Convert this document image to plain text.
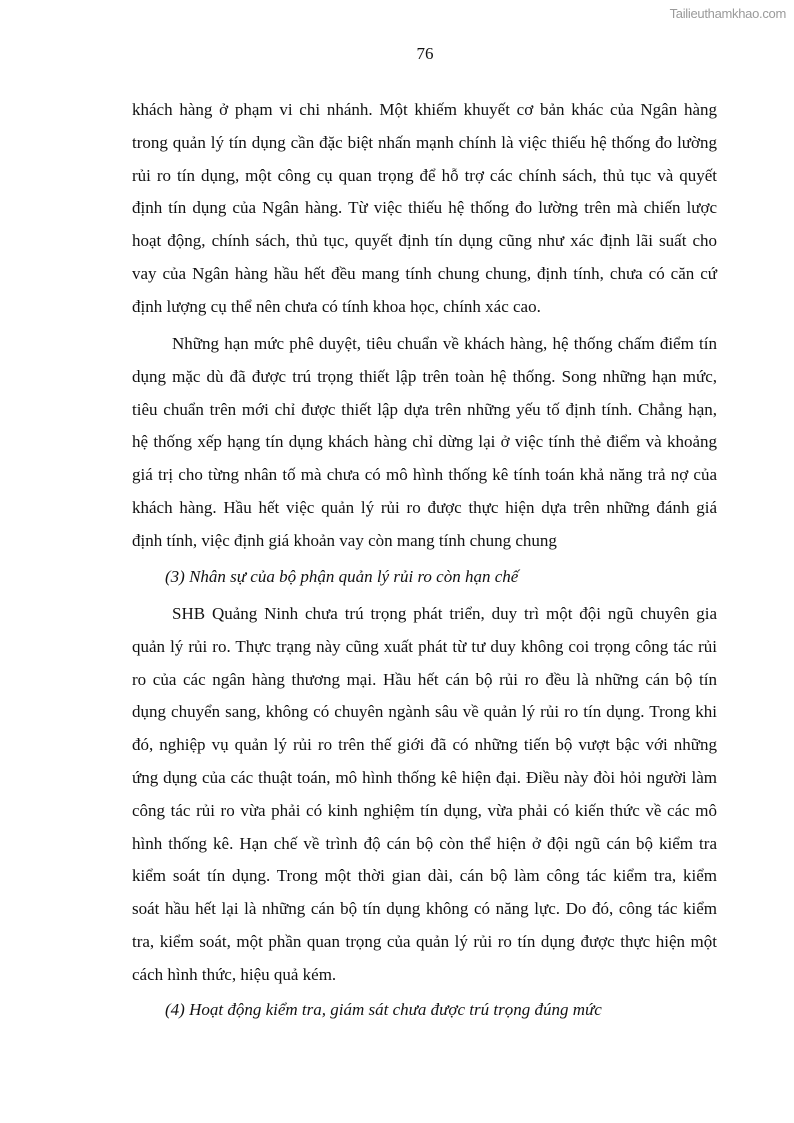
Tailieuthamkhao.com
76
khách hàng ở phạm vi chi nhánh. Một khiếm khuyết cơ bản khác của Ngân hàng
trong quản lý tín dụng cần đặc biệt nhấn mạnh chính là việc thiếu hệ thống đo lường
rủi ro tín dụng, một công cụ quan trọng để hỗ trợ các chính sách, thủ tục và quyết
định tín dụng của Ngân hàng. Từ việc thiếu hệ thống đo lường trên mà chiến lược
hoạt động, chính sách, thủ tục, quyết định tín dụng cũng như xác định lãi suất cho
vay của Ngân hàng hầu hết đều mang tính chung chung, định tính, chưa có căn cứ
định lượng cụ thể nên chưa có tính khoa học, chính xác cao.
Những hạn mức phê duyệt, tiêu chuẩn về khách hàng, hệ thống chấm điểm tín
dụng mặc dù đã được trú trọng thiết lập trên toàn hệ thống. Song những hạn mức,
tiêu chuẩn trên mới chỉ được thiết lập dựa trên những yếu tố định tính. Chẳng hạn,
hệ thống xếp hạng tín dụng khách hàng chỉ dừng lại ở việc tính thẻ điểm và khoảng
giá trị cho từng nhân tố mà chưa có mô hình thống kê tính toán khả năng trả nợ của
khách hàng. Hầu hết việc quản lý rủi ro được thực hiện dựa trên những đánh giá
định tính, việc định giá khoản vay còn mang tính chung chung
(3) Nhân sự của bộ phận quản lý rủi ro còn hạn chế
SHB Quảng Ninh chưa trú trọng phát triển, duy trì một đội ngũ chuyên gia
quản lý rủi ro. Thực trạng này cũng xuất phát từ tư duy không coi trọng công tác rủi
ro của các ngân hàng thương mại. Hầu hết cán bộ rủi ro đều là những cán bộ tín
dụng chuyển sang, không có chuyên ngành sâu về quản lý rủi ro tín dụng. Trong khi
đó, nghiệp vụ quản lý rủi ro trên thế giới đã có những tiến bộ vượt bậc với những
ứng dụng của các thuật toán, mô hình thống kê hiện đại. Điều này đòi hỏi người làm
công tác rủi ro vừa phải có kinh nghiệm tín dụng, vừa phải có kiến thức về các mô
hình thống kê. Hạn chế về trình độ cán bộ còn thể hiện ở đội ngũ cán bộ kiểm tra
kiểm soát tín dụng. Trong một thời gian dài, cán bộ làm công tác kiểm tra, kiểm
soát hầu hết lại là những cán bộ tín dụng không có năng lực. Do đó, công tác kiểm
tra, kiểm soát, một phần quan trọng của quản lý rủi ro tín dụng được thực hiện một
cách hình thức, hiệu quả kém.
(4) Hoạt động kiểm tra, giám sát chưa được trú trọng đúng mức
